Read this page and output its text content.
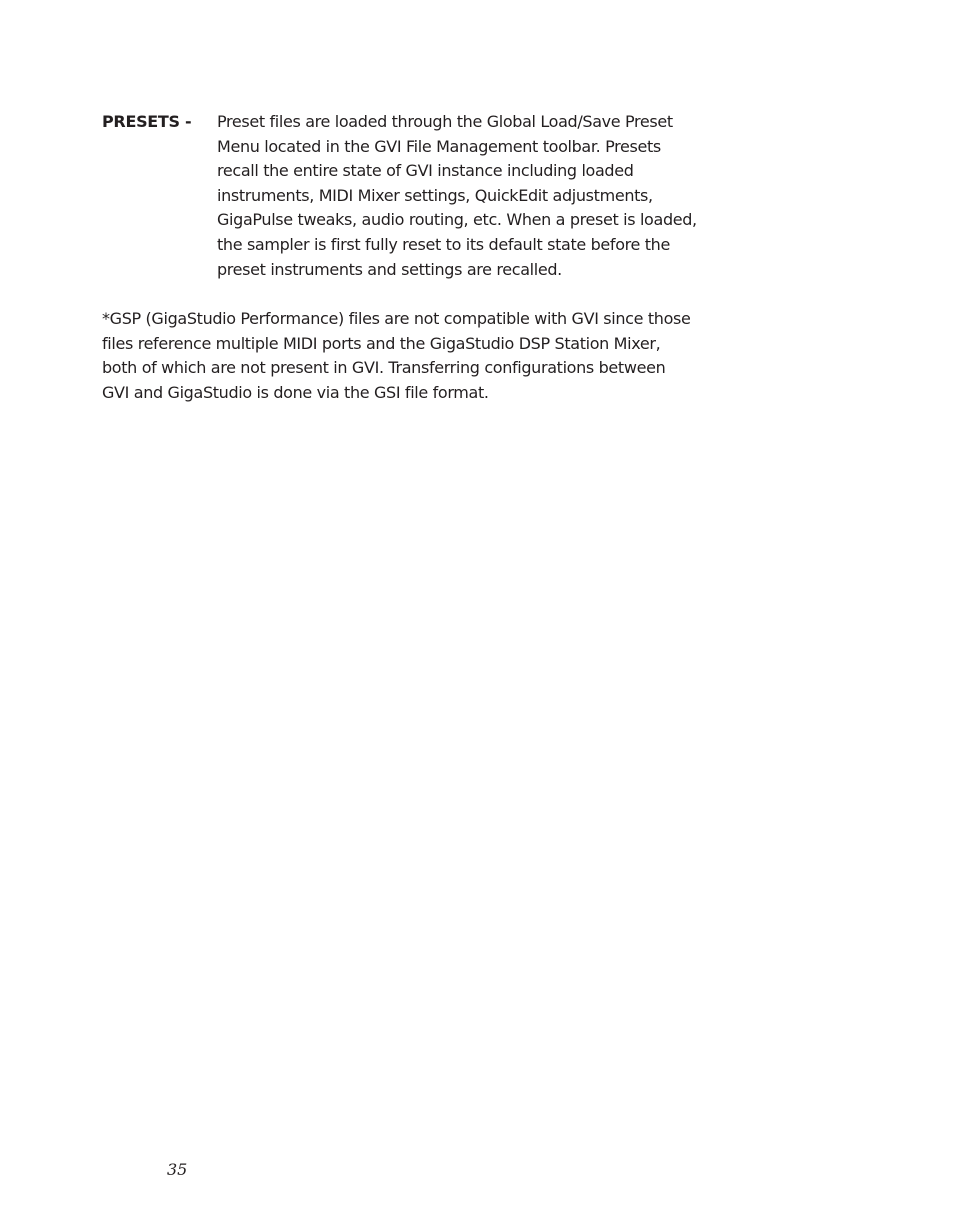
PRESETS -	Preset files are loaded through the Global Load/Save Preset
Menu located in the GVI File Management toolbar. Presets
recall the entire state of GVI instance including loaded
instruments, MIDI Mixer settings, QuickEdit adjustments,
GigaPulse tweaks, audio routing, etc. When a preset is loaded,
the sampler is first fully reset to its default state before the
preset instruments and settings are recalled.
*GSP (GigaStudio Performance) files are not compatible with GVI since those
files reference multiple MIDI ports and the GigaStudio DSP Station Mixer,
both of which are not present in GVI. Transferring configurations between
GVI and GigaStudio is done via the GSI file format.
35
